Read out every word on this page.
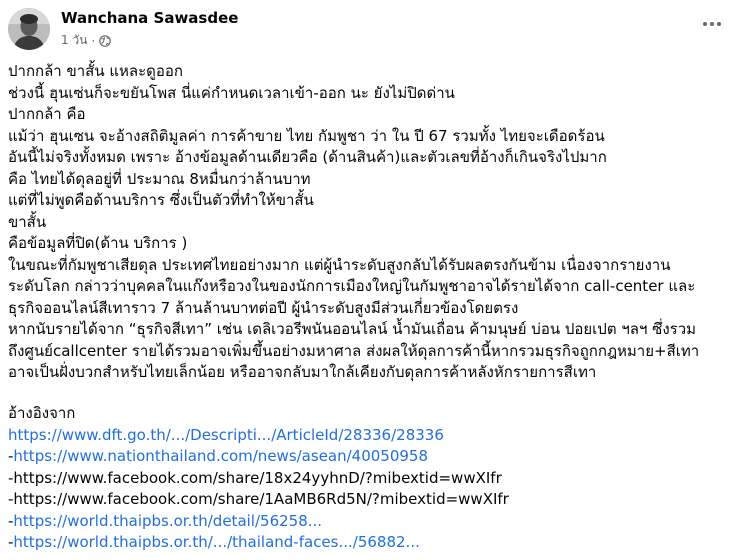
Wanchana Sawasdee
1 วัน ·

ปากกล้า ขาสั้น แหละดูออก

ช่วงนี้ ฮุนเซ่นก็จะขยันโพส นี่แค่กำหนดเวลาเข้า-ออก นะ ยังไม่ปิดด่าน

ปากกล้า คือ

แม้ว่า ฮุนเซน จะอ้างสถิติมูลค่า การค้าขาย ไทย กัมพูชา ว่า ใน ปี 67 รวมทั้ง ไทยจะเดือดร้อน

อันนี้ไม่จริงทั้งหมด เพราะ อ้างข้อมูลด้านเดียวคือ (ด้านสินค้า)และตัวเลขที่อ้างก็เกินจริงไปมาก

คือ ไทยได้ดุลอยู่ที่ ประมาณ 8หมื่นกว่าล้านบาท

แต่ที่ไม่พูดคือด้านบริการ ซึ่งเป็นตัวที่ทำให้ขาสั้น

ขาสั้น

คือข้อมูลที่ปิด(ด้าน บริการ )

ในขณะที่กัมพูชาเสียดุล ประเทศไทยอย่างมาก แต่ผู้นำระดับสูงกลับได้รับผลตรงกันข้าม เนื่องจากรายงาน

ระดับโลก กล่าวว่าบุคคลในแก๊งหรือวงในของนักการเมืองใหญ่ในกัมพูชาอาจได้รายได้จาก call-center และ

ธุรกิจออนไลน์สีเทาราว 7 ล้านล้านบาทต่อปี ผู้นำระดับสูงมีส่วนเกี่ยวข้องโดยตรง

หากนับรายได้จาก “ธุรกิจสีเทา” เช่น เดลิเวอรีพนันออนไลน์ น้ำมันเถื่อน ค้ามนุษย์ บ่อน ปอยเปต ฯลฯ ซึ่งรวม

ถึงศูนย์callcenter รายได้รวมอาจเพิ่มขึ้นอย่างมหาศาล ส่งผลให้ดุลการค้านี้หากรวมธุรกิจถูกกฎหมาย+สีเทา

อาจเป็นฝั่งบวกสำหรับไทยเล็กน้อย หรืออาจกลับมาใกล้เคียงกับดุลการค้าหลังหักรายการสีเทา

อ้างอิงจาก

https://www.dft.go.th/.../Descripti.../ArticleId/28336/28336

-https://www.nationthailand.com/news/asean/40050958

-https://www.facebook.com/share/18x24yyhnD/?mibextid=wwXIfr

-https://www.facebook.com/share/1AaMB6Rd5N/?mibextid=wwXIfr

-https://world.thaipbs.or.th/detail/56258...

-https://world.thaipbs.or.th/.../thailand-faces.../56882...
